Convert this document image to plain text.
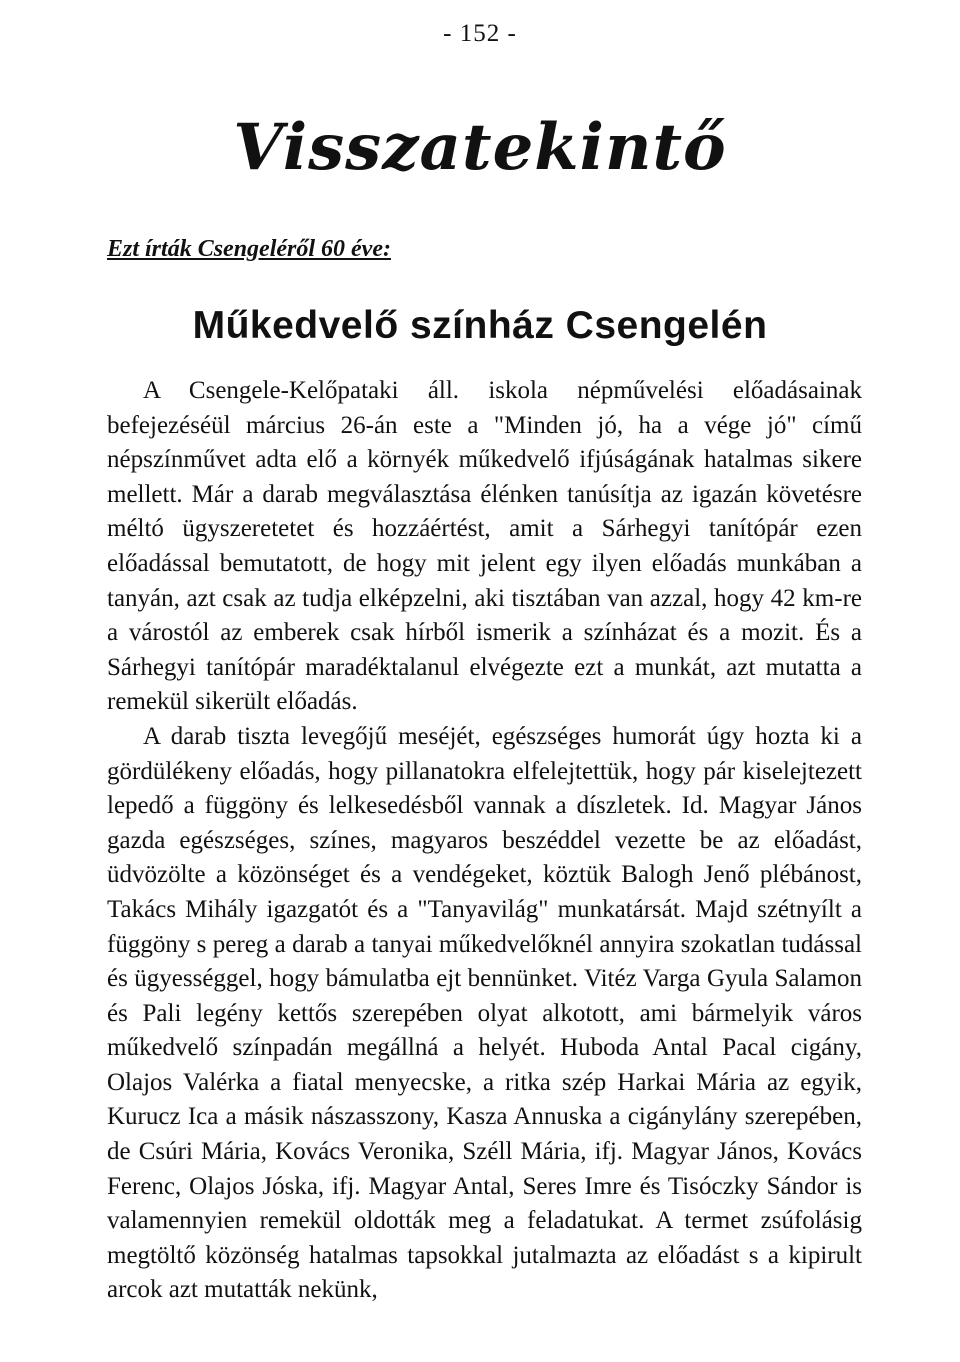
- 152 -
Visszatekintő
Ezt írták Csengeléről 60 éve:
Műkedvelő színház Csengelén

A Csengele-Kelőpataki áll. iskola népművelési előadásainak befejezéséül március 26-án este a "Minden jó, ha a vége jó" című népszínművet adta elő a környék műkedvelő ifjúságának hatalmas sikere mellett. Már a darab megválasztása élénken tanúsítja az igazán követésre méltó ügyszeretetet és hozzáértést, amit a Sárhegyi tanítópár ezen előadással bemutatott, de hogy mit jelent egy ilyen előadás munkában a tanyán, azt csak az tudja elképzelni, aki tisztában van azzal, hogy 42 km-re a várostól az emberek csak hírből ismerik a színházat és a mozit. És a Sárhegyi tanítópár maradéktalanul elvégezte ezt a munkát, azt mutatta a remekül sikerült előadás.

A darab tiszta levegőjű meséjét, egészséges humorát úgy hozta ki a gördülékeny előadás, hogy pillanatokra elfelejtettük, hogy pár kiselejtezett lepedő a függöny és lelkesedésből vannak a díszletek. Id. Magyar János gazda egészséges, színes, magyaros beszéddel vezette be az előadást, üdvözölte a közönséget és a vendégeket, köztük Balogh Jenő plébánost, Takács Mihály igazgatót és a "Tanyavilág" munkatársát. Majd szétnyílt a függöny s pereg a darab a tanyai műkedvelőknél annyira szokatlan tudással és ügyességgel, hogy bámulatba ejt bennünket. Vitéz Varga Gyula Salamon és Pali legény kettős szerepében olyat alkotott, ami bármelyik város műkedvelő színpadán megállná a helyét. Huboda Antal Pacal cigány, Olajos Valérka a fiatal menyecske, a ritka szép Harkai Mária az egyik, Kurucz Ica a másik nászasszony, Kasza Annuska a cigánylány szerepében, de Csúri Mária, Kovács Veronika, Széll Mária, ifj. Magyar János, Kovács Ferenc, Olajos Jóska, ifj. Magyar Antal, Seres Imre és Tisóczky Sándor is valamennyien remekül oldották meg a feladatukat. A termet zsúfolásig megtöltő közönség hatalmas tapsokkal jutalmazta az előadást s a kipirult arcok azt mutatták nekünk,
